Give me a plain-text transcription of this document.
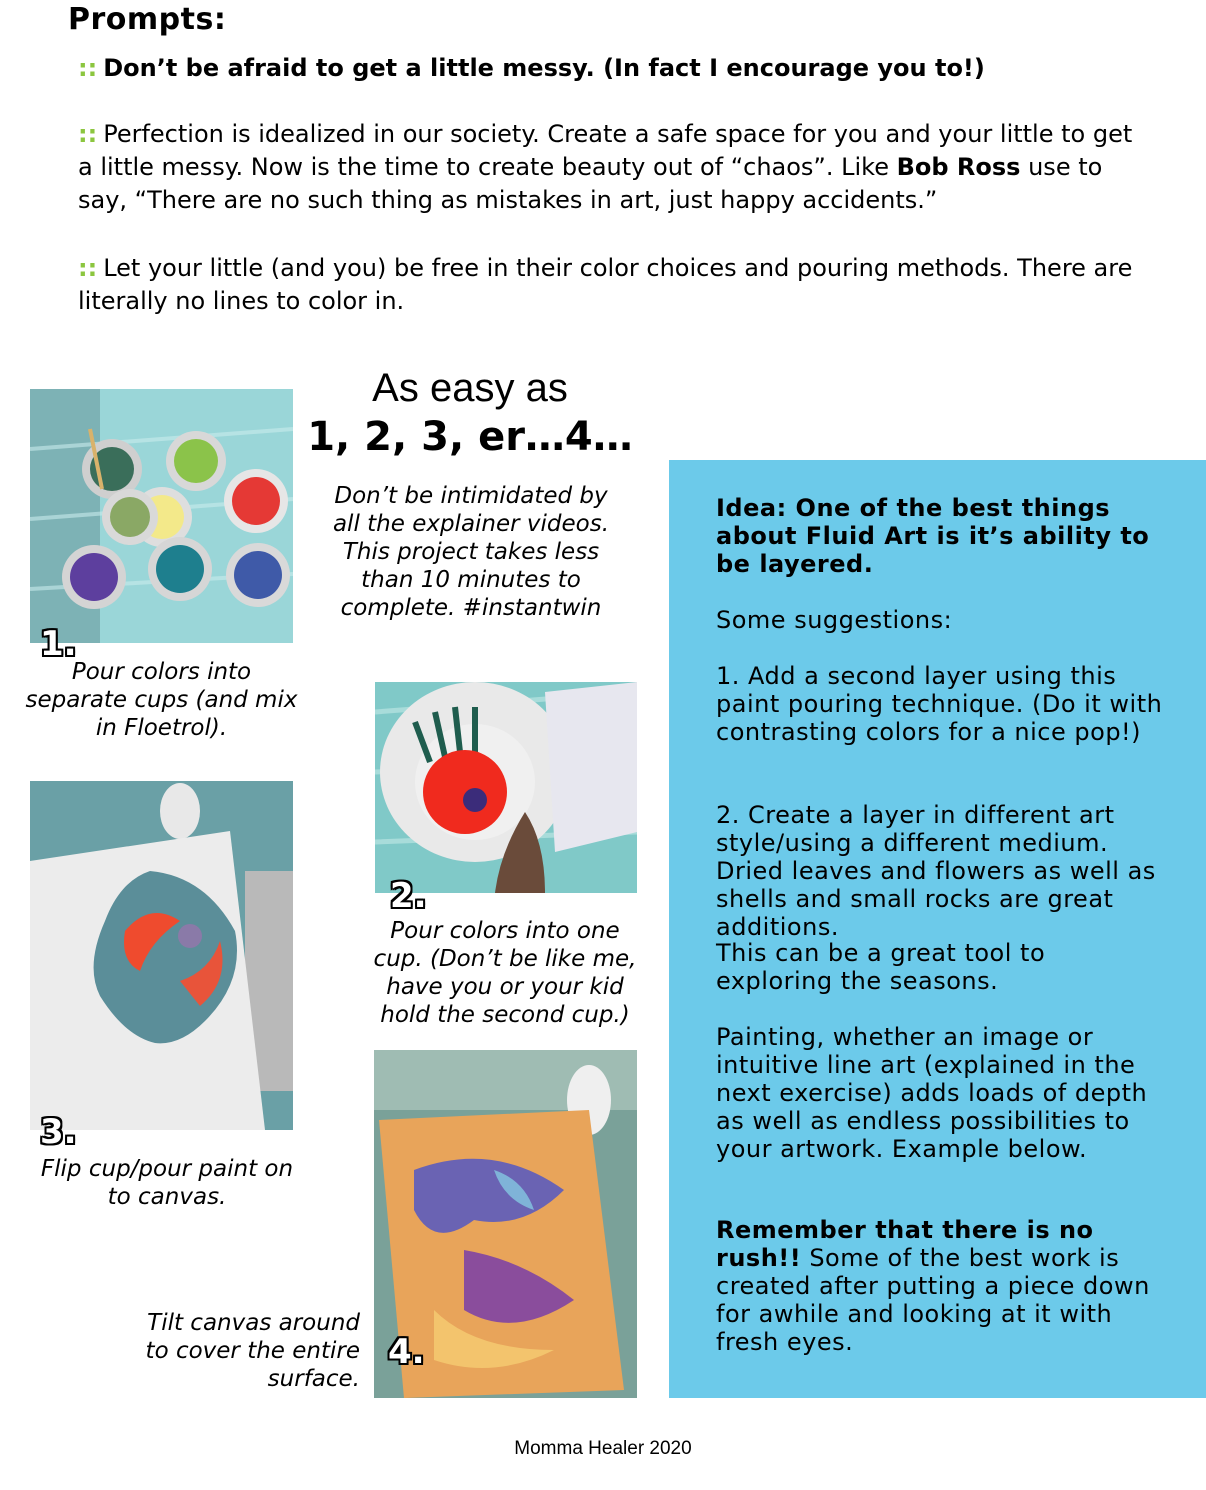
Prompts:
:: Don’t be afraid to get a little messy. (In fact I encourage you to!)
:: Perfection is idealized in our society. Create a safe space for you and your little to get a little messy. Now is the time to create beauty out of “chaos”. Like Bob Ross use to say, “There are no such thing as mistakes in art, just happy accidents.”
:: Let your little (and you) be free in their color choices and pouring methods. There are literally no lines to color in.
As easy as
1, 2, 3, er…4…
Don’t be intimidated by all the explainer videos. This project takes less than 10 minutes to complete. #instantwin
1.
Pour colors into separate cups (and mix in Floetrol).
2.
Pour colors into one cup. (Don’t be like me, have you or your kid hold the second cup.)
3.
Flip cup/pour paint on to canvas.
4.
Tilt canvas around to cover the entire surface.
Idea: One of the best things about Fluid Art is it’s ability to be layered.
Some suggestions:
1. Add a second layer using this paint pouring technique. (Do it with contrasting colors for a nice pop!)
2. Create a layer in different art style/using a different medium. Dried leaves and flowers as well as shells and small rocks are great additions.
This can be a great tool to exploring the seasons.
Painting, whether an image or intuitive line art (explained in the next exercise) adds loads of depth as well as endless possibilities to your artwork. Example below.
Remember that there is no rush!! Some of the best work is created after putting a piece down for awhile and looking at it with fresh eyes.
Momma Healer 2020
